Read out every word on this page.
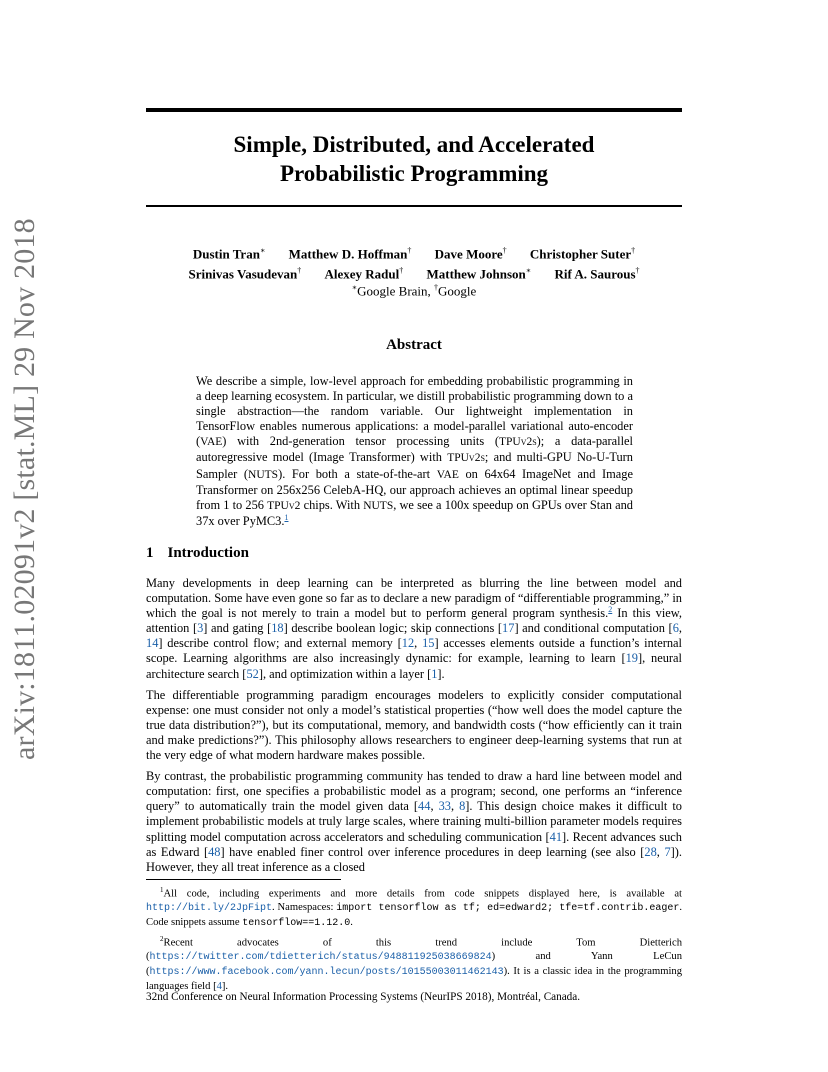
arXiv:1811.02091v2 [stat.ML] 29 Nov 2018
Simple, Distributed, and Accelerated
Probabilistic Programming
Dustin Tran∗ Matthew D. Hoffman† Dave Moore† Christopher Suter†
Srinivas Vasudevan† Alexey Radul† Matthew Johnson∗ Rif A. Saurous†
∗Google Brain, †Google
Abstract
We describe a simple, low-level approach for embedding probabilistic programming in a deep learning ecosystem. In particular, we distill probabilistic programming down to a single abstraction—the random variable. Our lightweight implementation in TensorFlow enables numerous applications: a model-parallel variational auto-encoder (VAE) with 2nd-generation tensor processing units (TPUv2s); a data-parallel autoregressive model (Image Transformer) with TPUv2s; and multi-GPU No-U-Turn Sampler (NUTS). For both a state-of-the-art VAE on 64x64 ImageNet and Image Transformer on 256x256 CelebA-HQ, our approach achieves an optimal linear speedup from 1 to 256 TPUv2 chips. With NUTS, we see a 100x speedup on GPUs over Stan and 37x over PyMC3.$^1$
1 Introduction

Many developments in deep learning can be interpreted as blurring the line between model and computation. Some have even gone so far as to declare a new paradigm of “differentiable programming,” in which the goal is not merely to train a model but to perform general program synthesis.$^2$ In this view, attention [3] and gating [18] describe boolean logic; skip connections [17] and conditional computation [6, 14] describe control flow; and external memory [12, 15] accesses elements outside a function’s internal scope. Learning algorithms are also increasingly dynamic: for example, learning to learn [19], neural architecture search [52], and optimization within a layer [1].

The differentiable programming paradigm encourages modelers to explicitly consider computational expense: one must consider not only a model’s statistical properties (“how well does the model capture the true data distribution?”), but its computational, memory, and bandwidth costs (“how efficiently can it train and make predictions?”). This philosophy allows researchers to engineer deep-learning systems that run at the very edge of what modern hardware makes possible.

By contrast, the probabilistic programming community has tended to draw a hard line between model and computation: first, one specifies a probabilistic model as a program; second, one performs an “inference query” to automatically train the model given data [44, 33, 8]. This design choice makes it difficult to implement probabilistic models at truly large scales, where training multi-billion parameter models requires splitting model computation across accelerators and scheduling communication [41]. Recent advances such as Edward [48] have enabled finer control over inference procedures in deep learning (see also [28, 7]). However, they all treat inference as a closed

$^1$All code, including experiments and more details from code snippets displayed here, is available at http://bit.ly/2JpFipt. Namespaces: import tensorflow as tf; ed=edward2; tfe=tf.contrib.eager. Code snippets assume tensorflow==1.12.0.

$^2$Recent advocates of this trend include Tom Dietterich (https://twitter.com/tdietterich/status/948811925038669824) and Yann LeCun (https://www.facebook.com/yann.lecun/posts/10155003011462143). It is a classic idea in the programming languages field [4].

32nd Conference on Neural Information Processing Systems (NeurIPS 2018), Montréal, Canada.
